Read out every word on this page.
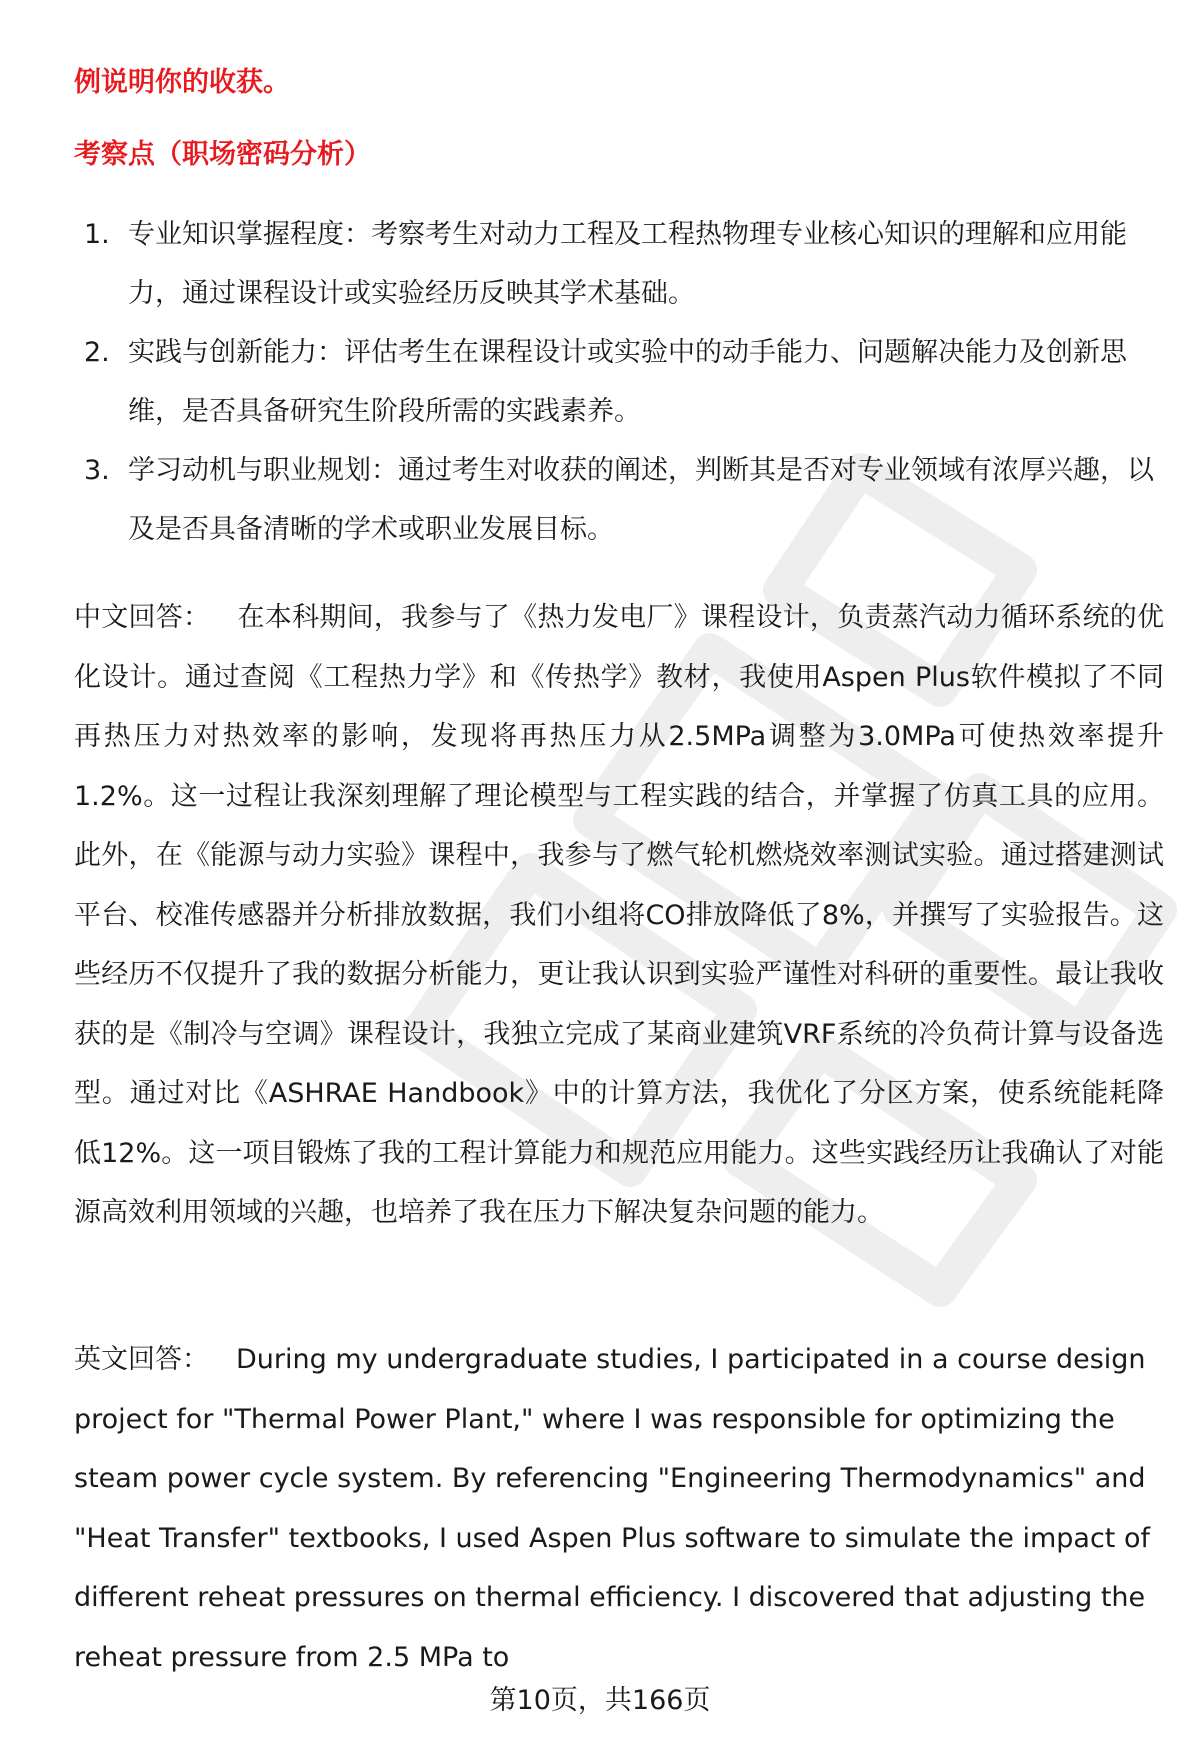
例说明你的收获。

考察点（职场密码分析）

1. 专业知识掌握程度：考察考生对动力工程及工程热物理专业核心知识的理解和应用能力，通过课程设计或实验经历反映其学术基础。
2. 实践与创新能力：评估考生在课程设计或实验中的动手能力、问题解决能力及创新思维，是否具备研究生阶段所需的实践素养。
3. 学习动机与职业规划：通过考生对收获的阐述，判断其是否对专业领域有浓厚兴趣，以及是否具备清晰的学术或职业发展目标。

中文回答：  在本科期间，我参与了《热力发电厂》课程设计，负责蒸汽动力循环系统的优化设计。通过查阅《工程热力学》和《传热学》教材，我使用Aspen Plus软件模拟了不同再热压力对热效率的影响，发现将再热压力从2.5MPa调整为3.0MPa可使热效率提升1.2%。这一过程让我深刻理解了理论模型与工程实践的结合，并掌握了仿真工具的应用。此外，在《能源与动力实验》课程中，我参与了燃气轮机燃烧效率测试实验。通过搭建测试平台、校准传感器并分析排放数据，我们小组将CO排放降低了8%，并撰写了实验报告。这些经历不仅提升了我的数据分析能力，更让我认识到实验严谨性对科研的重要性。最让我收获的是《制冷与空调》课程设计，我独立完成了某商业建筑VRF系统的冷负荷计算与设备选型。通过对比《ASHRAE Handbook》中的计算方法，我优化了分区方案，使系统能耗降低12%。这一项目锻炼了我的工程计算能力和规范应用能力。这些实践经历让我确认了对能源高效利用领域的兴趣，也培养了我在压力下解决复杂问题的能力。

英文回答：  During my undergraduate studies, I participated in a course design project for "Thermal Power Plant," where I was responsible for optimizing the steam power cycle system. By referencing "Engineering Thermodynamics" and "Heat Transfer" textbooks, I used Aspen Plus software to simulate the impact of different reheat pressures on thermal efficiency. I discovered that adjusting the reheat pressure from 2.5 MPa to

第10页，共166页
